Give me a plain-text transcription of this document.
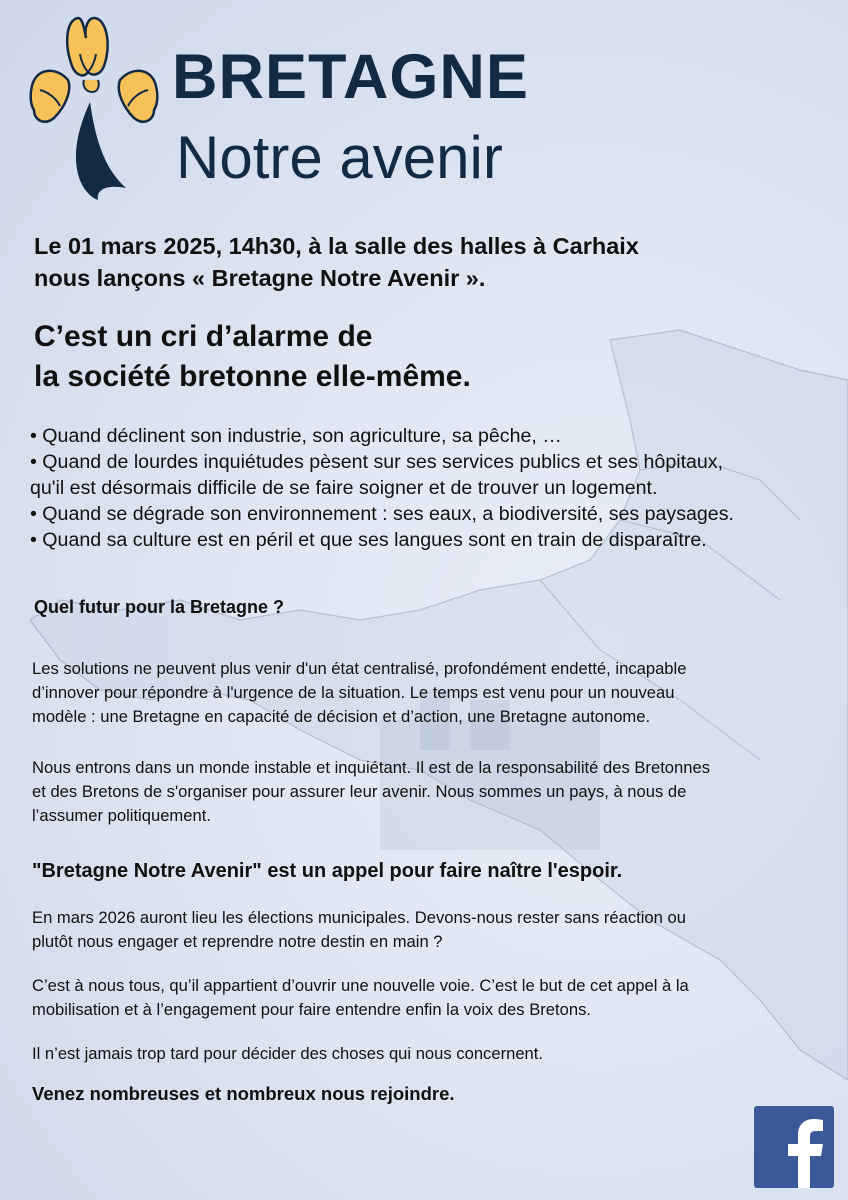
BRETAGNE
Notre avenir
Le 01 mars 2025, 14h30, à la salle des halles à Carhaix
nous lançons « Bretagne Notre Avenir ».
C’est un cri d’alarme de
la société bretonne elle-même.
• Quand déclinent son industrie, son agriculture, sa pêche, …
• Quand de lourdes inquiétudes pèsent sur ses services publics et ses hôpitaux,
qu'il est désormais difficile de se faire soigner et de trouver un logement.
• Quand se dégrade son environnement : ses eaux, a biodiversité, ses paysages.
• Quand sa culture est en péril et que ses langues sont en train de disparaître.
Quel futur pour la Bretagne ?
Les solutions ne peuvent plus venir d'un état centralisé, profondément endetté, incapable
d’innover pour répondre à l'urgence de la situation. Le temps est venu pour un nouveau
modèle : une Bretagne en capacité de décision et d’action, une Bretagne autonome.
Nous entrons dans un monde instable et inquiétant. Il est de la responsabilité des Bretonnes
et des Bretons de s'organiser pour assurer leur avenir. Nous sommes un pays, à nous de
l’assumer politiquement.
"Bretagne Notre Avenir" est un appel pour faire naître l'espoir.
En mars 2026 auront lieu les élections municipales. Devons-nous rester sans réaction ou
plutôt nous engager et reprendre notre destin en main ?
C’est à nous tous, qu’il appartient d’ouvrir une nouvelle voie. C’est le but de cet appel à la
mobilisation et à l’engagement pour faire entendre enfin la voix des Bretons.
Il n’est jamais trop tard pour décider des choses qui nous concernent.
Venez nombreuses et nombreux nous rejoindre.
